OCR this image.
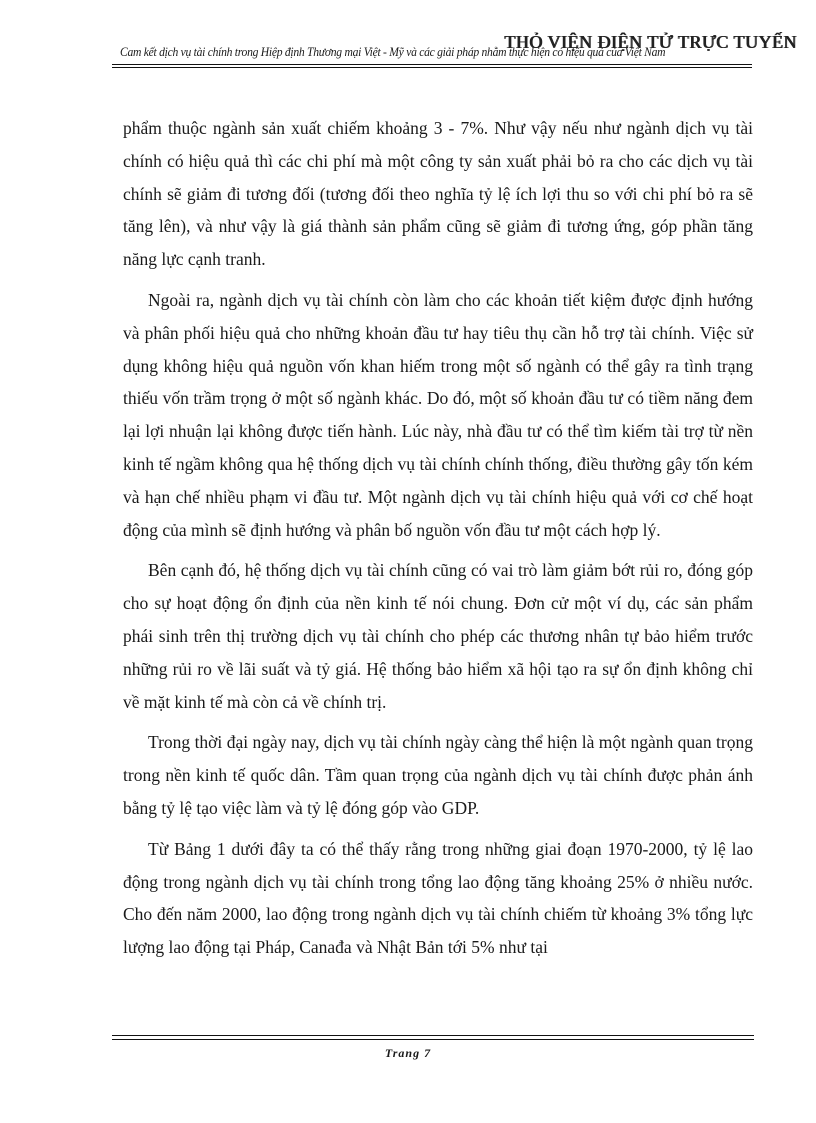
Cam kết dịch vụ tài chính trong Hiệp định Thương mại Việt - Mỹ và các giải pháp nhằm thực hiện có hiệu quả của Việt Nam
THỎ VIỆN ĐIỆN TỬ TRỰC TUYẾN

phẩm thuộc ngành sản xuất chiếm khoảng 3 - 7%. Như vậy nếu như ngành dịch vụ tài chính có hiệu quả thì các chi phí mà một công ty sản xuất phải bỏ ra cho các dịch vụ tài chính sẽ giảm đi tương đối (tương đối theo nghĩa tỷ lệ ích lợi thu so với chi phí bỏ ra sẽ tăng lên), và như vậy là giá thành sản phẩm cũng sẽ giảm đi tương ứng, góp phần tăng năng lực cạnh tranh.

Ngoài ra, ngành dịch vụ tài chính còn làm cho các khoản tiết kiệm được định hướng và phân phối hiệu quả cho những khoản đầu tư hay tiêu thụ cần hỗ trợ tài chính. Việc sử dụng không hiệu quả nguồn vốn khan hiếm trong một số ngành có thể gây ra tình trạng thiếu vốn trầm trọng ở một số ngành khác. Do đó, một số khoản đầu tư có tiềm năng đem lại lợi nhuận lại không được tiến hành. Lúc này, nhà đầu tư có thể tìm kiếm tài trợ từ nền kinh tế ngầm không qua hệ thống dịch vụ tài chính chính thống, điều thường gây tốn kém và hạn chế nhiều phạm vi đầu tư. Một ngành dịch vụ tài chính hiệu quả với cơ chế hoạt động của mình sẽ định hướng và phân bố nguồn vốn đầu tư một cách hợp lý.

Bên cạnh đó, hệ thống dịch vụ tài chính cũng có vai trò làm giảm bớt rủi ro, đóng góp cho sự hoạt động ổn định của nền kinh tế nói chung. Đơn cử một ví dụ, các sản phẩm phái sinh trên thị trường dịch vụ tài chính cho phép các thương nhân tự bảo hiểm trước những rủi ro về lãi suất và tỷ giá. Hệ thống bảo hiểm xã hội tạo ra sự ổn định không chỉ về mặt kinh tế mà còn cả về chính trị.

Trong thời đại ngày nay, dịch vụ tài chính ngày càng thể hiện là một ngành quan trọng trong nền kinh tế quốc dân. Tầm quan trọng của ngành dịch vụ tài chính được phản ánh bằng tỷ lệ tạo việc làm và tỷ lệ đóng góp vào GDP.

Từ Bảng 1 dưới đây ta có thể thấy rằng trong những giai đoạn 1970-2000, tỷ lệ lao động trong ngành dịch vụ tài chính trong tổng lao động tăng khoảng 25% ở nhiều nước. Cho đến năm 2000, lao động trong ngành dịch vụ tài chính chiếm từ khoảng 3% tổng lực lượng lao động tại Pháp, Canađa và Nhật Bản tới 5% như tại

Trang 7
